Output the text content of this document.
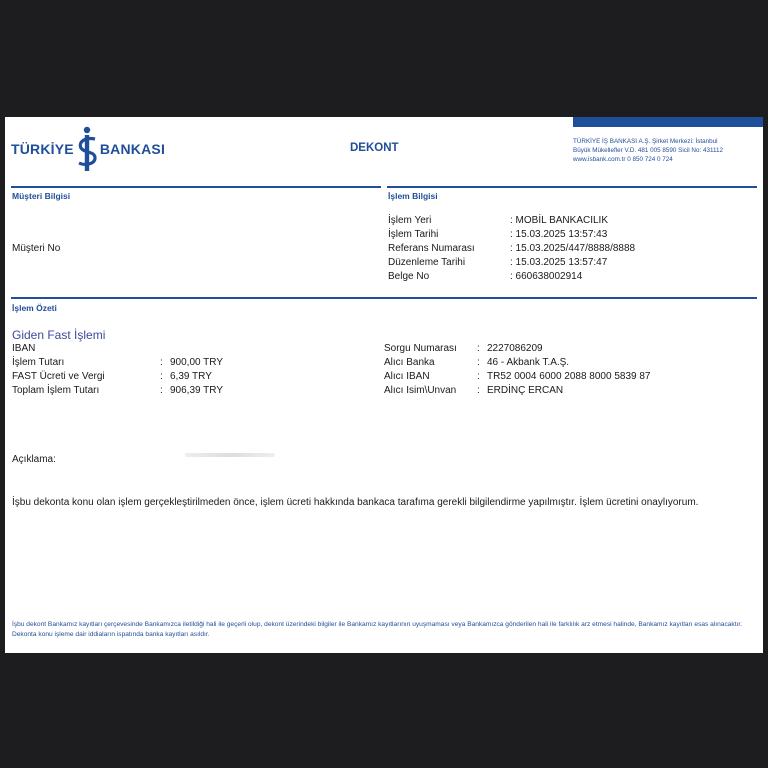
TÜRKİYE BANKASI	DEKONT
TÜRKİYE İŞ BANKASI A.Ş. Şirket Merkezi: İstanbul
Büyük Mükellefler V.D. 481 005 8590 Sicil No: 431112
www.isbank.com.tr 0 850 724 0 724
Müşteri Bilgisi
Müşteri No
İşlem Bilgisi
İşlem Yeri	: MOBİL BANKACILIK
İşlem Tarihi	: 15.03.2025 13:57:43
Referans Numarası	: 15.03.2025/447/8888/8888
Düzenleme Tarihi	: 15.03.2025 13:57:47
Belge No	: 660638002914
İşlem Özeti
Giden Fast İşlemi
IBAN
İşlem Tutarı	: 900,00 TRY
FAST Ücreti ve Vergi	: 6,39 TRY
Toplam İşlem Tutarı	: 906,39 TRY
Sorgu Numarası	: 2227086209
Alıcı Banka	: 46 - Akbank T.A.Ş.
Alıcı IBAN	: TR52 0004 6000 2088 8000 5839 87
Alıcı Isim\Unvan	: ERDİNÇ ERCAN
Açıklama:
İşbu dekonta konu olan işlem gerçekleştirilmeden önce, işlem ücreti hakkında bankaca tarafıma gerekli bilgilendirme yapılmıştır. İşlem ücretini onaylıyorum.
İşbu dekont Bankamız kayıtları çerçevesinde Bankamızca iletildiği hali ile geçerli olup, dekont üzerindeki bilgiler ile Bankamız kayıtlarının uyuşmaması veya Bankamızca gönderilen hali ile farklılık arz etmesi halinde, Bankamız kayıtları esas alınacaktır. Dekonta konu işleme dair iddiaların ispatında banka kayıtları asıldır.
